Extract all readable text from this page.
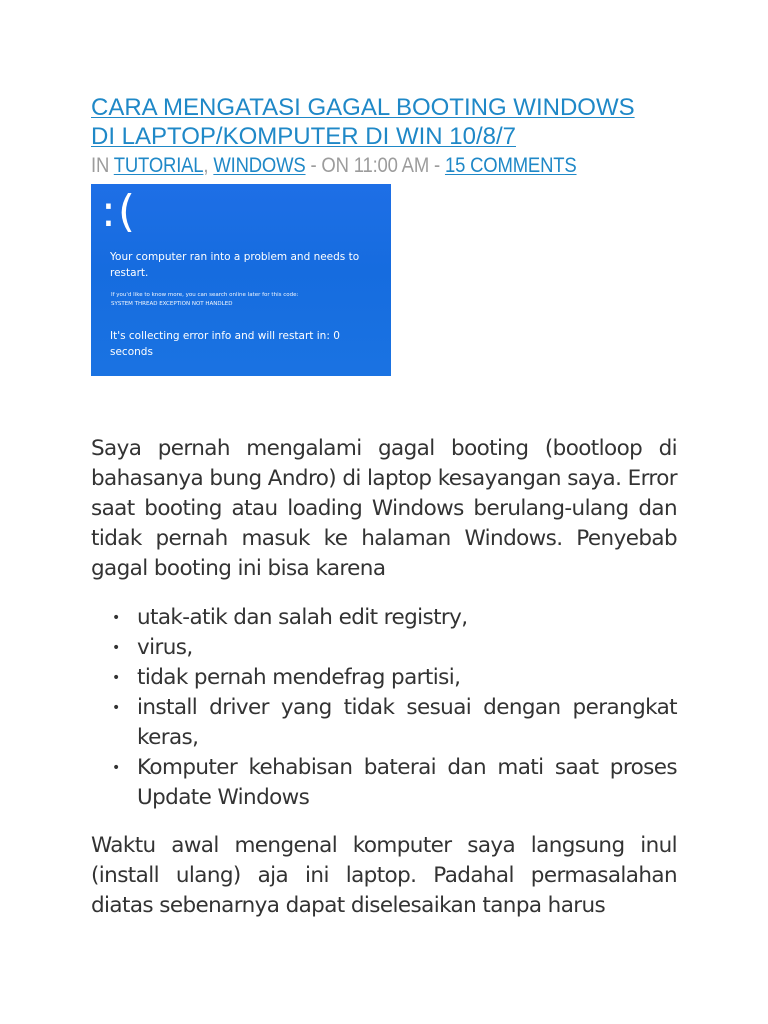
CARA MENGATASI GAGAL BOOTING WINDOWS
DI LAPTOP/KOMPUTER DI WIN 10/8/7
IN TUTORIAL, WINDOWS - ON 11:00 AM - 15 COMMENTS
:(

Your computer ran into a problem and needs to restart.

If you'd like to know more, you can search online later for this code:
SYSTEM THREAD EXCEPTION NOT HANDLED

It's collecting error info and will restart in: 0 seconds

Saya pernah mengalami gagal booting (bootloop di bahasanya bung Andro) di laptop kesayangan saya. Error saat booting atau loading Windows berulang-ulang dan tidak pernah masuk ke halaman Windows. Penyebab gagal booting ini bisa karena

• utak-atik dan salah edit registry,
• virus,
• tidak pernah mendefrag partisi,
• install driver yang tidak sesuai dengan perangkat keras,
• Komputer kehabisan baterai dan mati saat proses Update Windows

Waktu awal mengenal komputer saya langsung inul (install ulang) aja ini laptop. Padahal permasalahan diatas sebenarnya dapat diselesaikan tanpa harus
